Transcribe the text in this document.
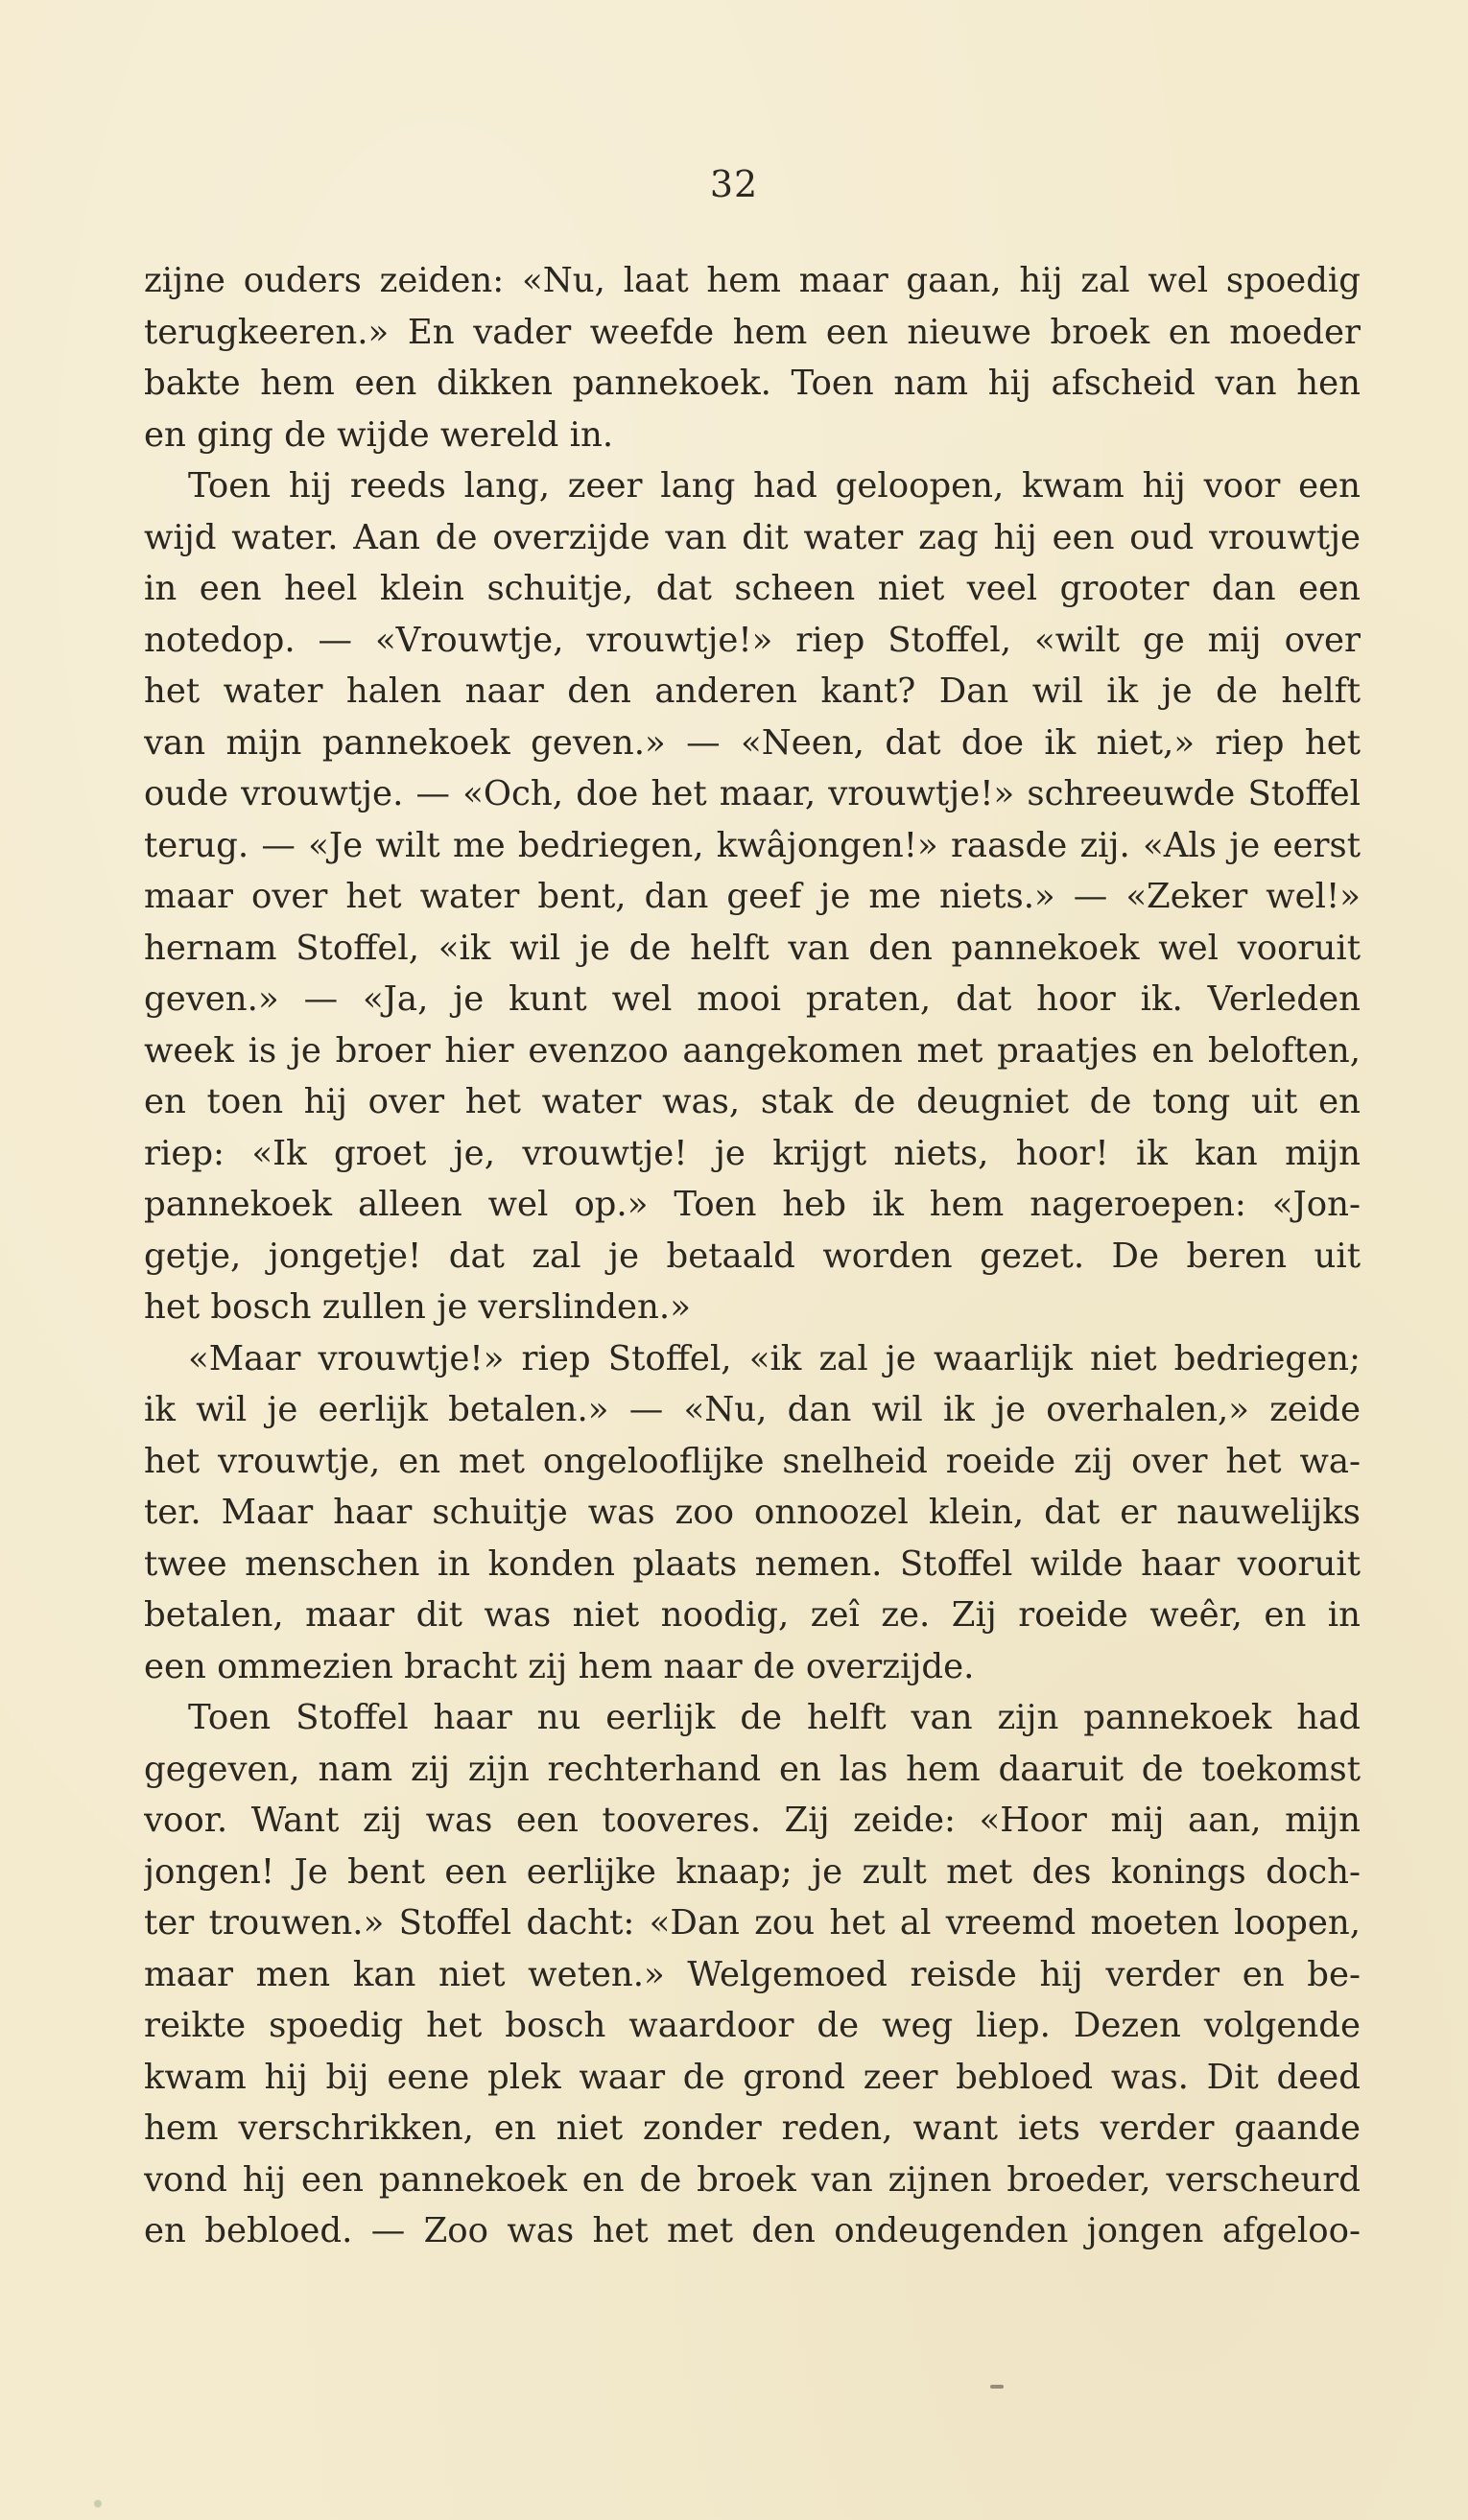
32
zijne ouders zeiden: «Nu, laat hem maar gaan, hij zal wel spoedig
terugkeeren.» En vader weefde hem een nieuwe broek en moeder
bakte hem een dikken pannekoek. Toen nam hij afscheid van hen
en ging de wijde wereld in.
Toen hij reeds lang, zeer lang had geloopen, kwam hij voor een
wijd water. Aan de overzijde van dit water zag hij een oud vrouwtje
in een heel klein schuitje, dat scheen niet veel grooter dan een
notedop. — «Vrouwtje, vrouwtje!» riep Stoffel, «wilt ge mij over
het water halen naar den anderen kant? Dan wil ik je de helft
van mijn pannekoek geven.» — «Neen, dat doe ik niet,» riep het
oude vrouwtje. — «Och, doe het maar, vrouwtje!» schreeuwde Stoffel
terug. — «Je wilt me bedriegen, kwâjongen!» raasde zij. «Als je eerst
maar over het water bent, dan geef je me niets.» — «Zeker wel!»
hernam Stoffel, «ik wil je de helft van den pannekoek wel vooruit
geven.» — «Ja, je kunt wel mooi praten, dat hoor ik. Verleden
week is je broer hier evenzoo aangekomen met praatjes en beloften,
en toen hij over het water was, stak de deugniet de tong uit en
riep: «Ik groet je, vrouwtje! je krijgt niets, hoor! ik kan mijn
pannekoek alleen wel op.» Toen heb ik hem nageroepen: «Jon-
getje, jongetje! dat zal je betaald worden gezet. De beren uit
het bosch zullen je verslinden.»
«Maar vrouwtje!» riep Stoffel, «ik zal je waarlijk niet bedriegen;
ik wil je eerlijk betalen.» — «Nu, dan wil ik je overhalen,» zeide
het vrouwtje, en met ongelooflijke snelheid roeide zij over het wa-
ter. Maar haar schuitje was zoo onnoozel klein, dat er nauwelijks
twee menschen in konden plaats nemen. Stoffel wilde haar vooruit
betalen, maar dit was niet noodig, zeî ze. Zij roeide weêr, en in
een ommezien bracht zij hem naar de overzijde.
Toen Stoffel haar nu eerlijk de helft van zijn pannekoek had
gegeven, nam zij zijn rechterhand en las hem daaruit de toekomst
voor. Want zij was een tooveres. Zij zeide: «Hoor mij aan, mijn
jongen! Je bent een eerlijke knaap; je zult met des konings doch-
ter trouwen.» Stoffel dacht: «Dan zou het al vreemd moeten loopen,
maar men kan niet weten.» Welgemoed reisde hij verder en be-
reikte spoedig het bosch waardoor de weg liep. Dezen volgende
kwam hij bij eene plek waar de grond zeer bebloed was. Dit deed
hem verschrikken, en niet zonder reden, want iets verder gaande
vond hij een pannekoek en de broek van zijnen broeder, verscheurd
en bebloed. — Zoo was het met den ondeugenden jongen afgeloo-
